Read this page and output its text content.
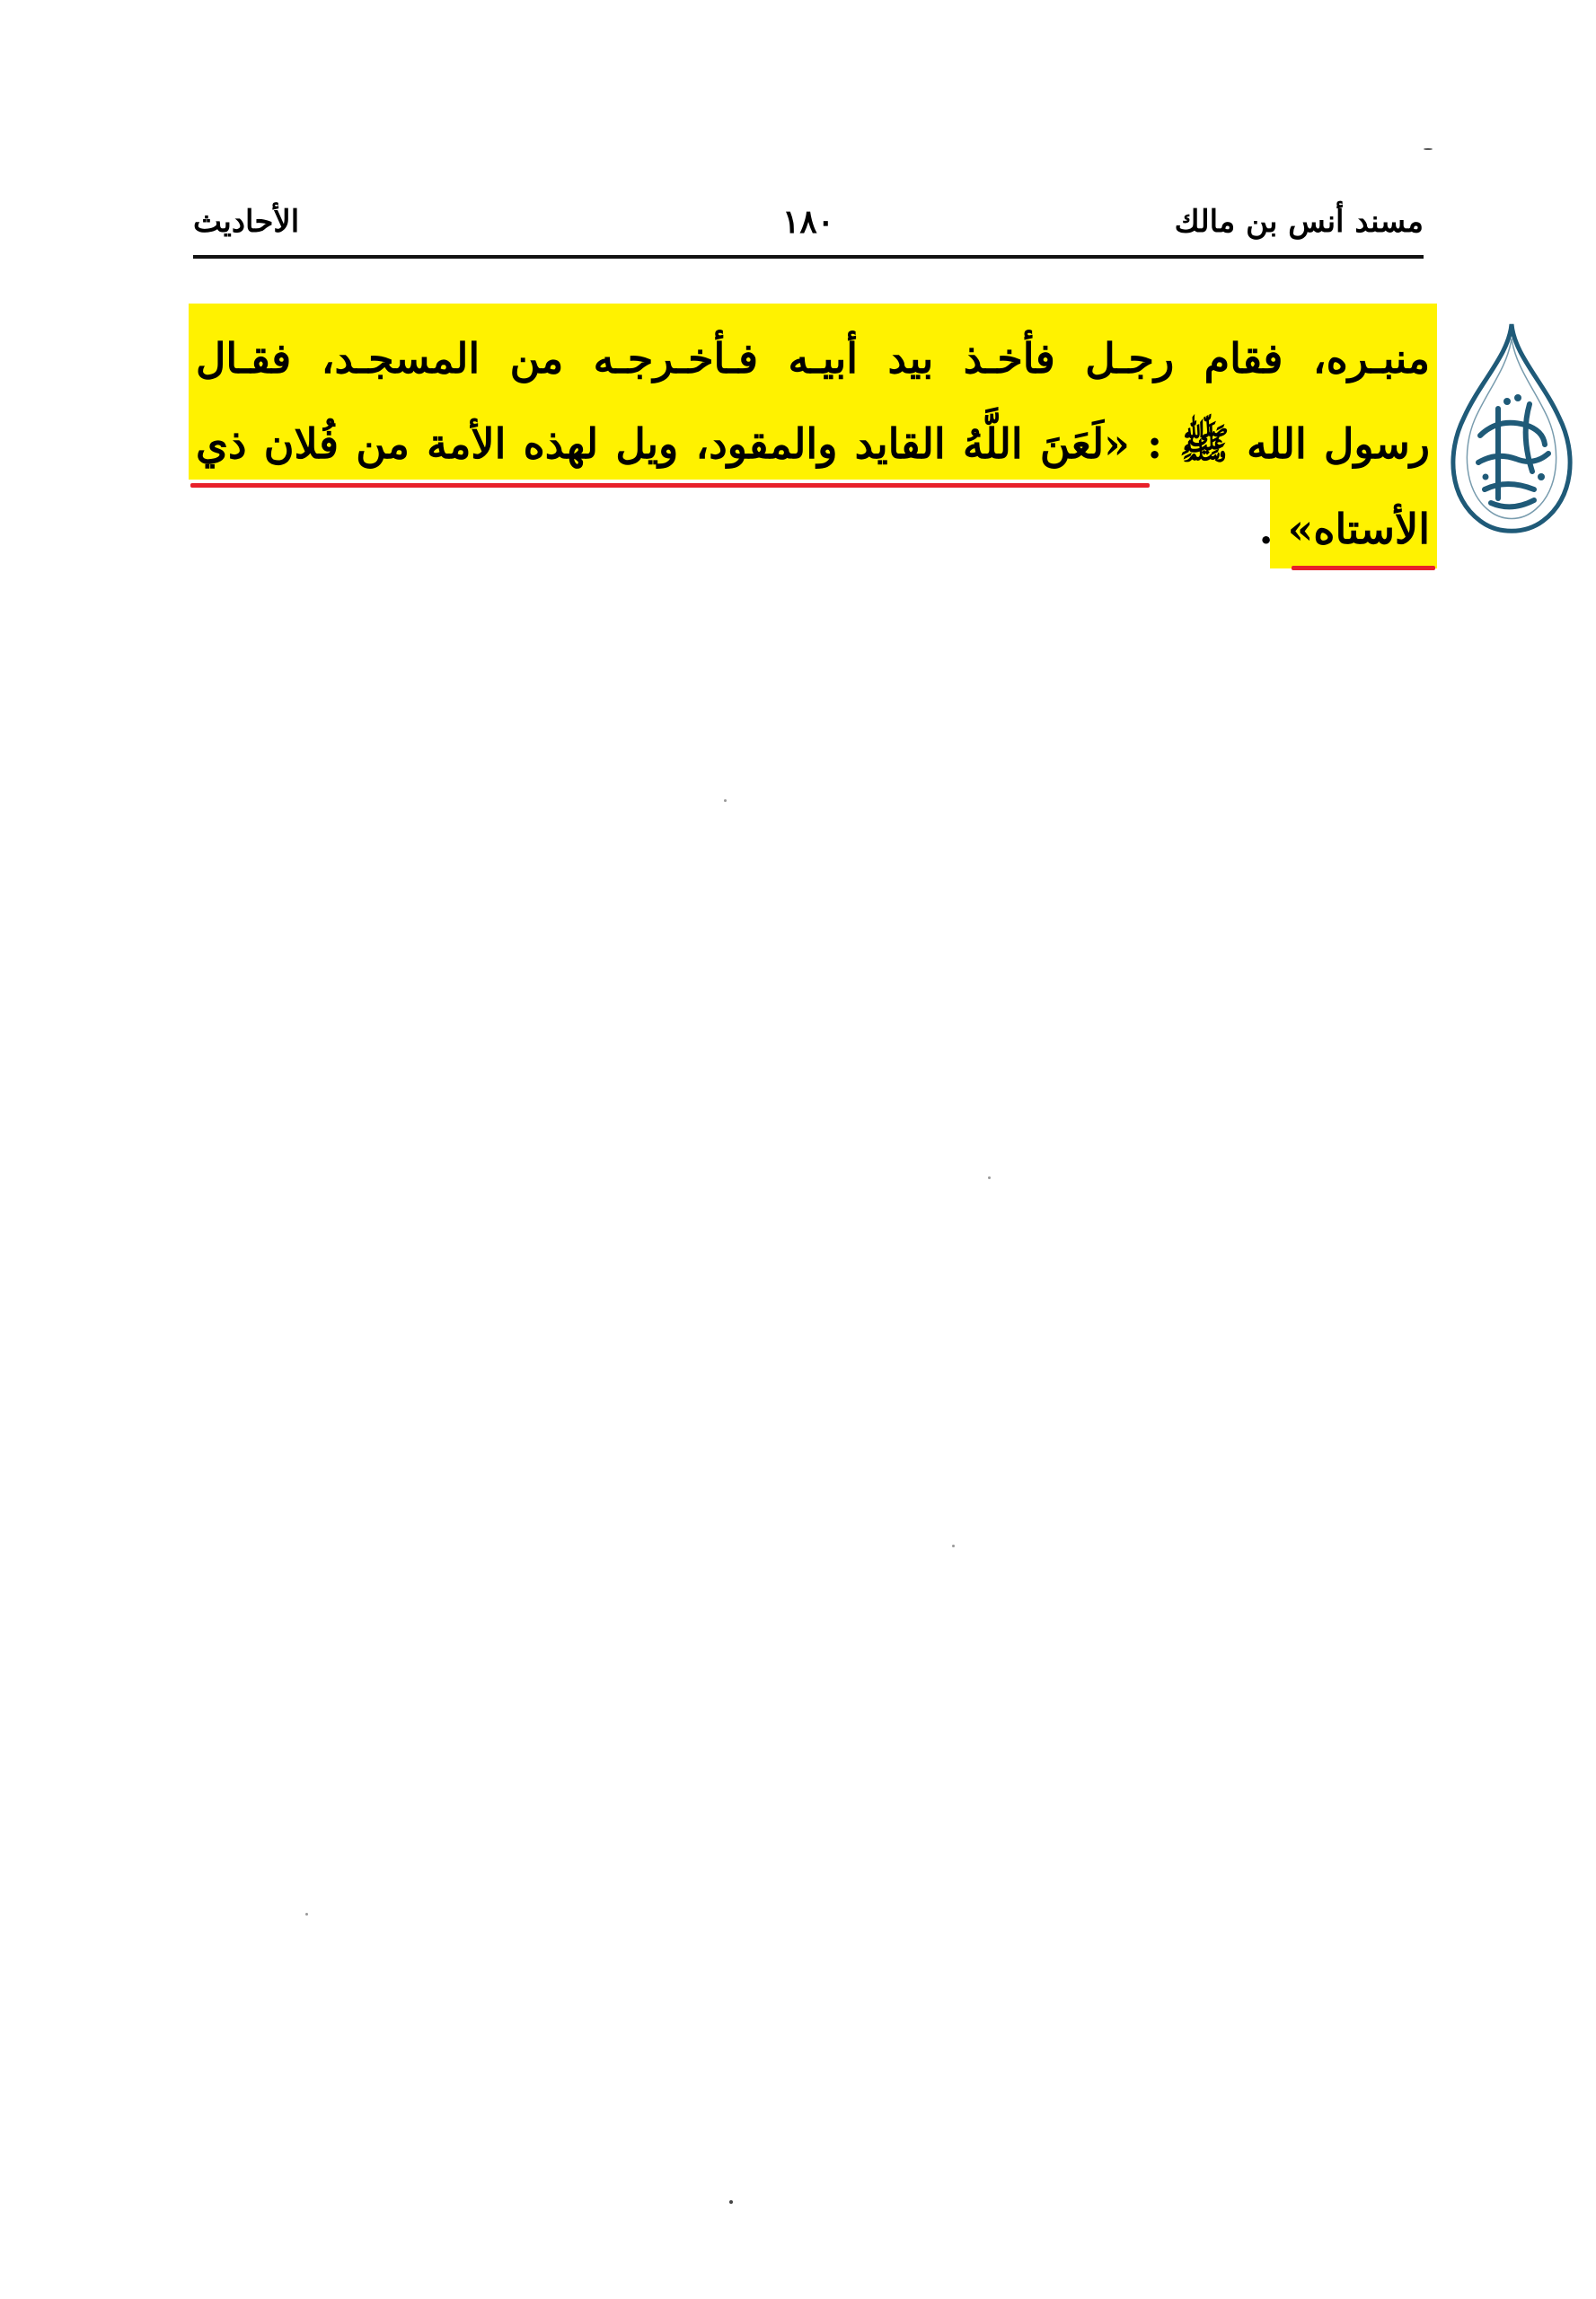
مسند أنس بن مالك
١٨٠
الأحاديث
منبـره، فقام رجـل فأخـذ بيد أبيـه فـأخـرجـه من المسجـد، فقـال
رسول الله ﷺ : «لَعَنَ اللَّهُ القايد والمقود، ويل لهذه الأمة من فُلان ذي
الأستاه» .
